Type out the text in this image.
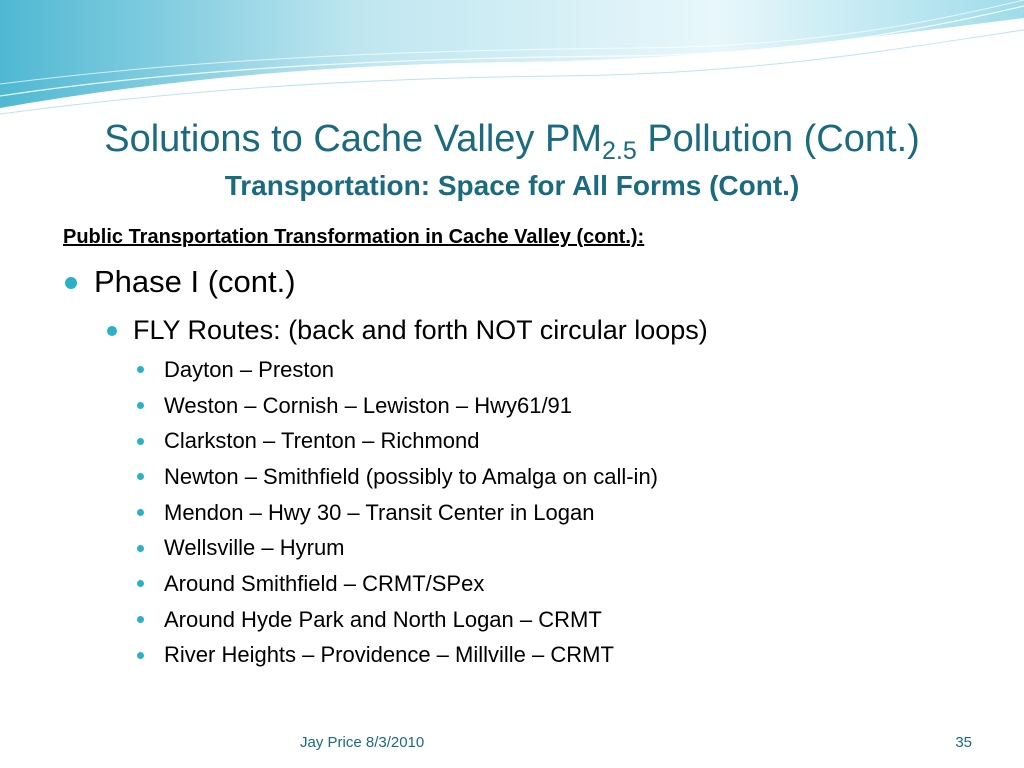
Solutions to Cache Valley $PM_{2.5}$ Pollution (Cont.)
Transportation: Space for All Forms (Cont.)
Public Transportation Transformation in Cache Valley (cont.):
Phase I (cont.)
FLY Routes: (back and forth NOT circular loops)
Dayton – Preston
Weston – Cornish – Lewiston – Hwy61/91
Clarkston – Trenton – Richmond
Newton – Smithfield (possibly to Amalga on call-in)
Mendon – Hwy 30 – Transit Center in Logan
Wellsville – Hyrum
Around Smithfield – CRMT/SPex
Around Hyde Park and North Logan – CRMT
River Heights – Providence – Millville – CRMT
Jay Price 8/3/2010	35
